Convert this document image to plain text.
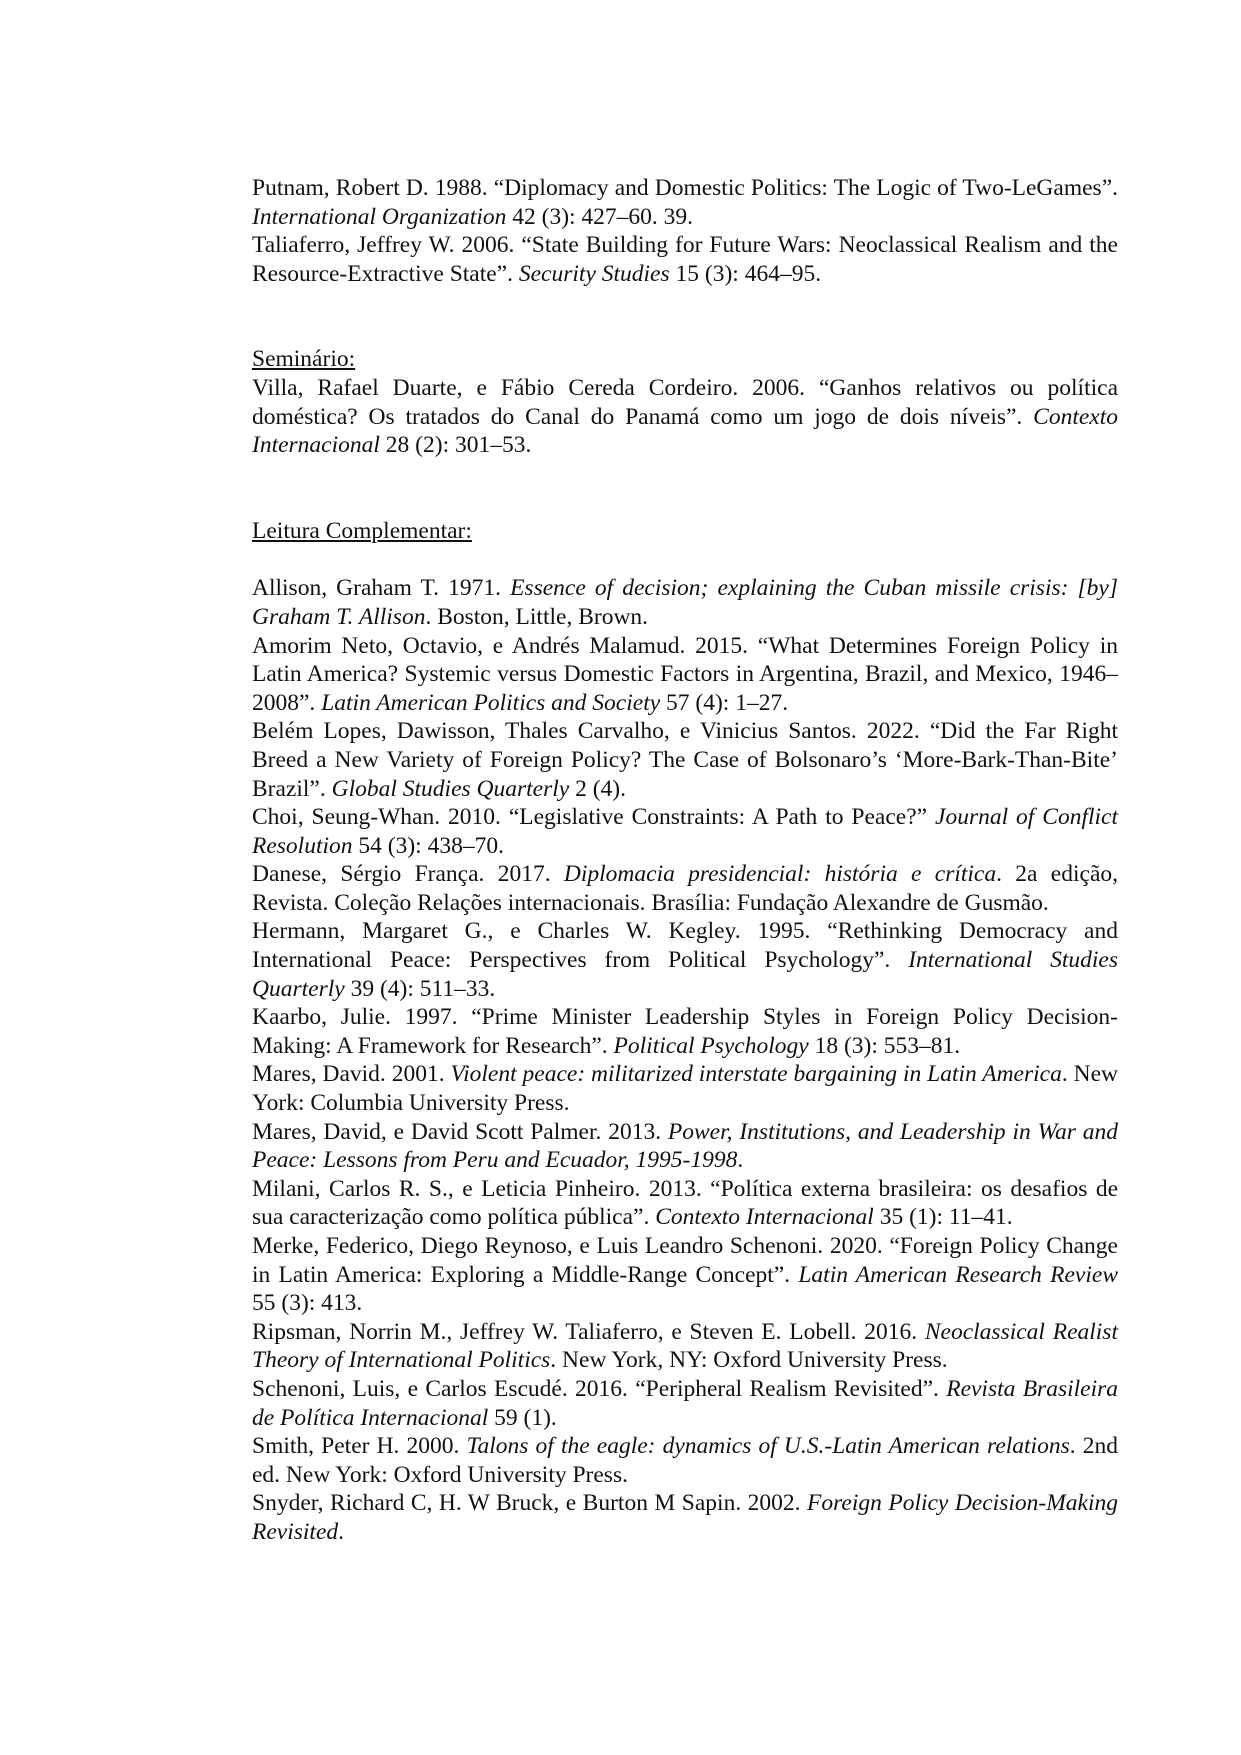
Putnam, Robert D. 1988. “Diplomacy and Domestic Politics: The Logic of Two-LeGames”. International Organization 42 (3): 427–60. 39.

Taliaferro, Jeffrey W. 2006. “State Building for Future Wars: Neoclassical Realism and the Resource-Extractive State”. Security Studies 15 (3): 464–95.

Seminário:

Villa, Rafael Duarte, e Fábio Cereda Cordeiro. 2006. “Ganhos relativos ou política doméstica? Os tratados do Canal do Panamá como um jogo de dois níveis”. Contexto Internacional 28 (2): 301–53.

Leitura Complementar:

Allison, Graham T. 1971. Essence of decision; explaining the Cuban missile crisis: [by] Graham T. Allison. Boston, Little, Brown.

Amorim Neto, Octavio, e Andrés Malamud. 2015. “What Determines Foreign Policy in Latin America? Systemic versus Domestic Factors in Argentina, Brazil, and Mexico, 1946–2008”. Latin American Politics and Society 57 (4): 1–27.

Belém Lopes, Dawisson, Thales Carvalho, e Vinicius Santos. 2022. “Did the Far Right Breed a New Variety of Foreign Policy? The Case of Bolsonaro’s ‘More-Bark-Than-Bite’ Brazil”. Global Studies Quarterly 2 (4).

Choi, Seung-Whan. 2010. “Legislative Constraints: A Path to Peace?” Journal of Conflict Resolution 54 (3): 438–70.

Danese, Sérgio França. 2017. Diplomacia presidencial: história e crítica. 2a edição, Revista. Coleção Relações internacionais. Brasília: Fundação Alexandre de Gusmão.

Hermann, Margaret G., e Charles W. Kegley. 1995. “Rethinking Democracy and International Peace: Perspectives from Political Psychology”. International Studies Quarterly 39 (4): 511–33.

Kaarbo, Julie. 1997. “Prime Minister Leadership Styles in Foreign Policy Decision-Making: A Framework for Research”. Political Psychology 18 (3): 553–81.

Mares, David. 2001. Violent peace: militarized interstate bargaining in Latin America. New York: Columbia University Press.

Mares, David, e David Scott Palmer. 2013. Power, Institutions, and Leadership in War and Peace: Lessons from Peru and Ecuador, 1995-1998.

Milani, Carlos R. S., e Leticia Pinheiro. 2013. “Política externa brasileira: os desafios de sua caracterização como política pública”. Contexto Internacional 35 (1): 11–41.

Merke, Federico, Diego Reynoso, e Luis Leandro Schenoni. 2020. “Foreign Policy Change in Latin America: Exploring a Middle-Range Concept”. Latin American Research Review 55 (3): 413.

Ripsman, Norrin M., Jeffrey W. Taliaferro, e Steven E. Lobell. 2016. Neoclassical Realist Theory of International Politics. New York, NY: Oxford University Press.

Schenoni, Luis, e Carlos Escudé. 2016. “Peripheral Realism Revisited”. Revista Brasileira de Política Internacional 59 (1).

Smith, Peter H. 2000. Talons of the eagle: dynamics of U.S.-Latin American relations. 2nd ed. New York: Oxford University Press.

Snyder, Richard C, H. W Bruck, e Burton M Sapin. 2002. Foreign Policy Decision-Making Revisited.
